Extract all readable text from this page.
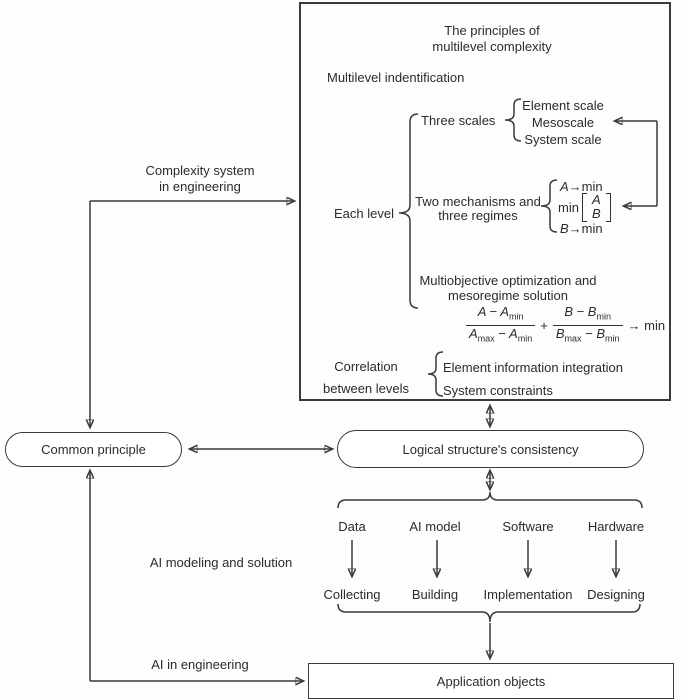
The principles of
multilevel complexity
Multilevel indentification
Three scales
Element scale
Mesoscale
System scale
Each level
Two mechanisms and
three regimes
A→min
min
A
B
B→min
Multiobjective optimization and
mesoregime solution
$\frac{A - A_{min}}{A_{max} - A_{min}} + \frac{B - B_{min}}{B_{max} - B_{min}} \to \min$
Correlation
between levels
Element information integration
System constraints
Complexity system
in engineering
AI modeling and solution
AI in engineering
Common principle	Logical structure's consistency
Data	AI model	Software	Hardware
Collecting	Building	Implementation	Designing
Application objects
